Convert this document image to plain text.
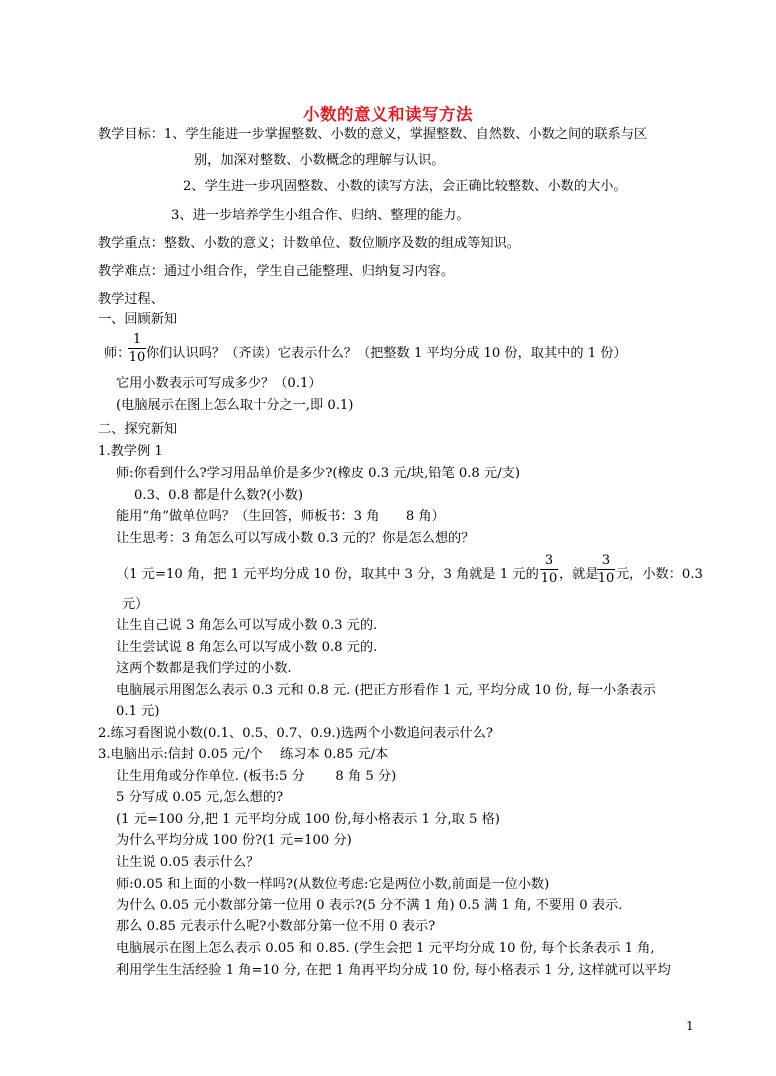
小数的意义和读写方法
教学目标：1、学生能进一步掌握整数、小数的意义，掌握整数、自然数、小数之间的联系与区
别，加深对整数、小数概念的理解与认识。
2、学生进一步巩固整数、小数的读写方法，会正确比较整数、小数的大小。
3、进一步培养学生小组合作、归纳、整理的能力。
教学重点：整数、小数的意义；计数单位、数位顺序及数的组成等知识。
教学难点：通过小组合作，学生自己能整理、归纳复习内容。
教学过程、
一、回顾新知
师：
1
10 你们认识吗？（齐读）它表示什么？（把整数 1 平均分成 10 份，取其中的 1 份）
它用小数表示可写成多少？（0.1）
(电脑展示在图上怎么取十分之一,即 0.1)
二、探究新知
1.教学例 1
师:你看到什么?学习用品单价是多少?(橡皮 0.3 元/块,铅笔 0.8 元/支)
0.3、0.8 都是什么数?(小数)
能用“角”做单位吗？（生回答，师板书：3 角　　8 角）
让生思考：3 角怎么可以写成小数 0.3 元的？你是怎么想的？
（1 元=10 角，把 1 元平均分成 10 份，取其中 3 分，3 角就是 1 元的
3
10 ，就是
3
10 元，小数：0.3
元）
让生自己说 3 角怎么可以写成小数 0.3 元的.
让生尝试说 8 角怎么可以写成小数 0.8 元的.
这两个数都是我们学过的小数.
电脑展示用图怎么表示 0.3 元和 0.8 元. (把正方形看作 1 元, 平均分成 10 份, 每一小条表示
0.1 元)
2.练习看图说小数(0.1、0.5、0.7、0.9.)选两个小数追问表示什么?
3.电脑出示:信封 0.05 元/个　 练习本 0.85 元/本
让生用角或分作单位. (板书:5 分　　 8 角 5 分)
5 分写成 0.05 元,怎么想的?
(1 元=100 分,把 1 元平均分成 100 份,每小格表示 1 分,取 5 格)
为什么平均分成 100 份?(1 元=100 分)
让生说 0.05 表示什么？
师:0.05 和上面的小数一样吗?(从数位考虑:它是两位小数,前面是一位小数)
为什么 0.05 元小数部分第一位用 0 表示?(5 分不满 1 角) 0.5 满 1 角, 不要用 0 表示.
那么 0.85 元表示什么呢?小数部分第一位不用 0 表示?
电脑展示在图上怎么表示 0.05 和 0.85. (学生会把 1 元平均分成 10 份, 每个长条表示 1 角,
利用学生生活经验 1 角=10 分, 在把 1 角再平均分成 10 份, 每小格表示 1 分, 这样就可以平均
1
